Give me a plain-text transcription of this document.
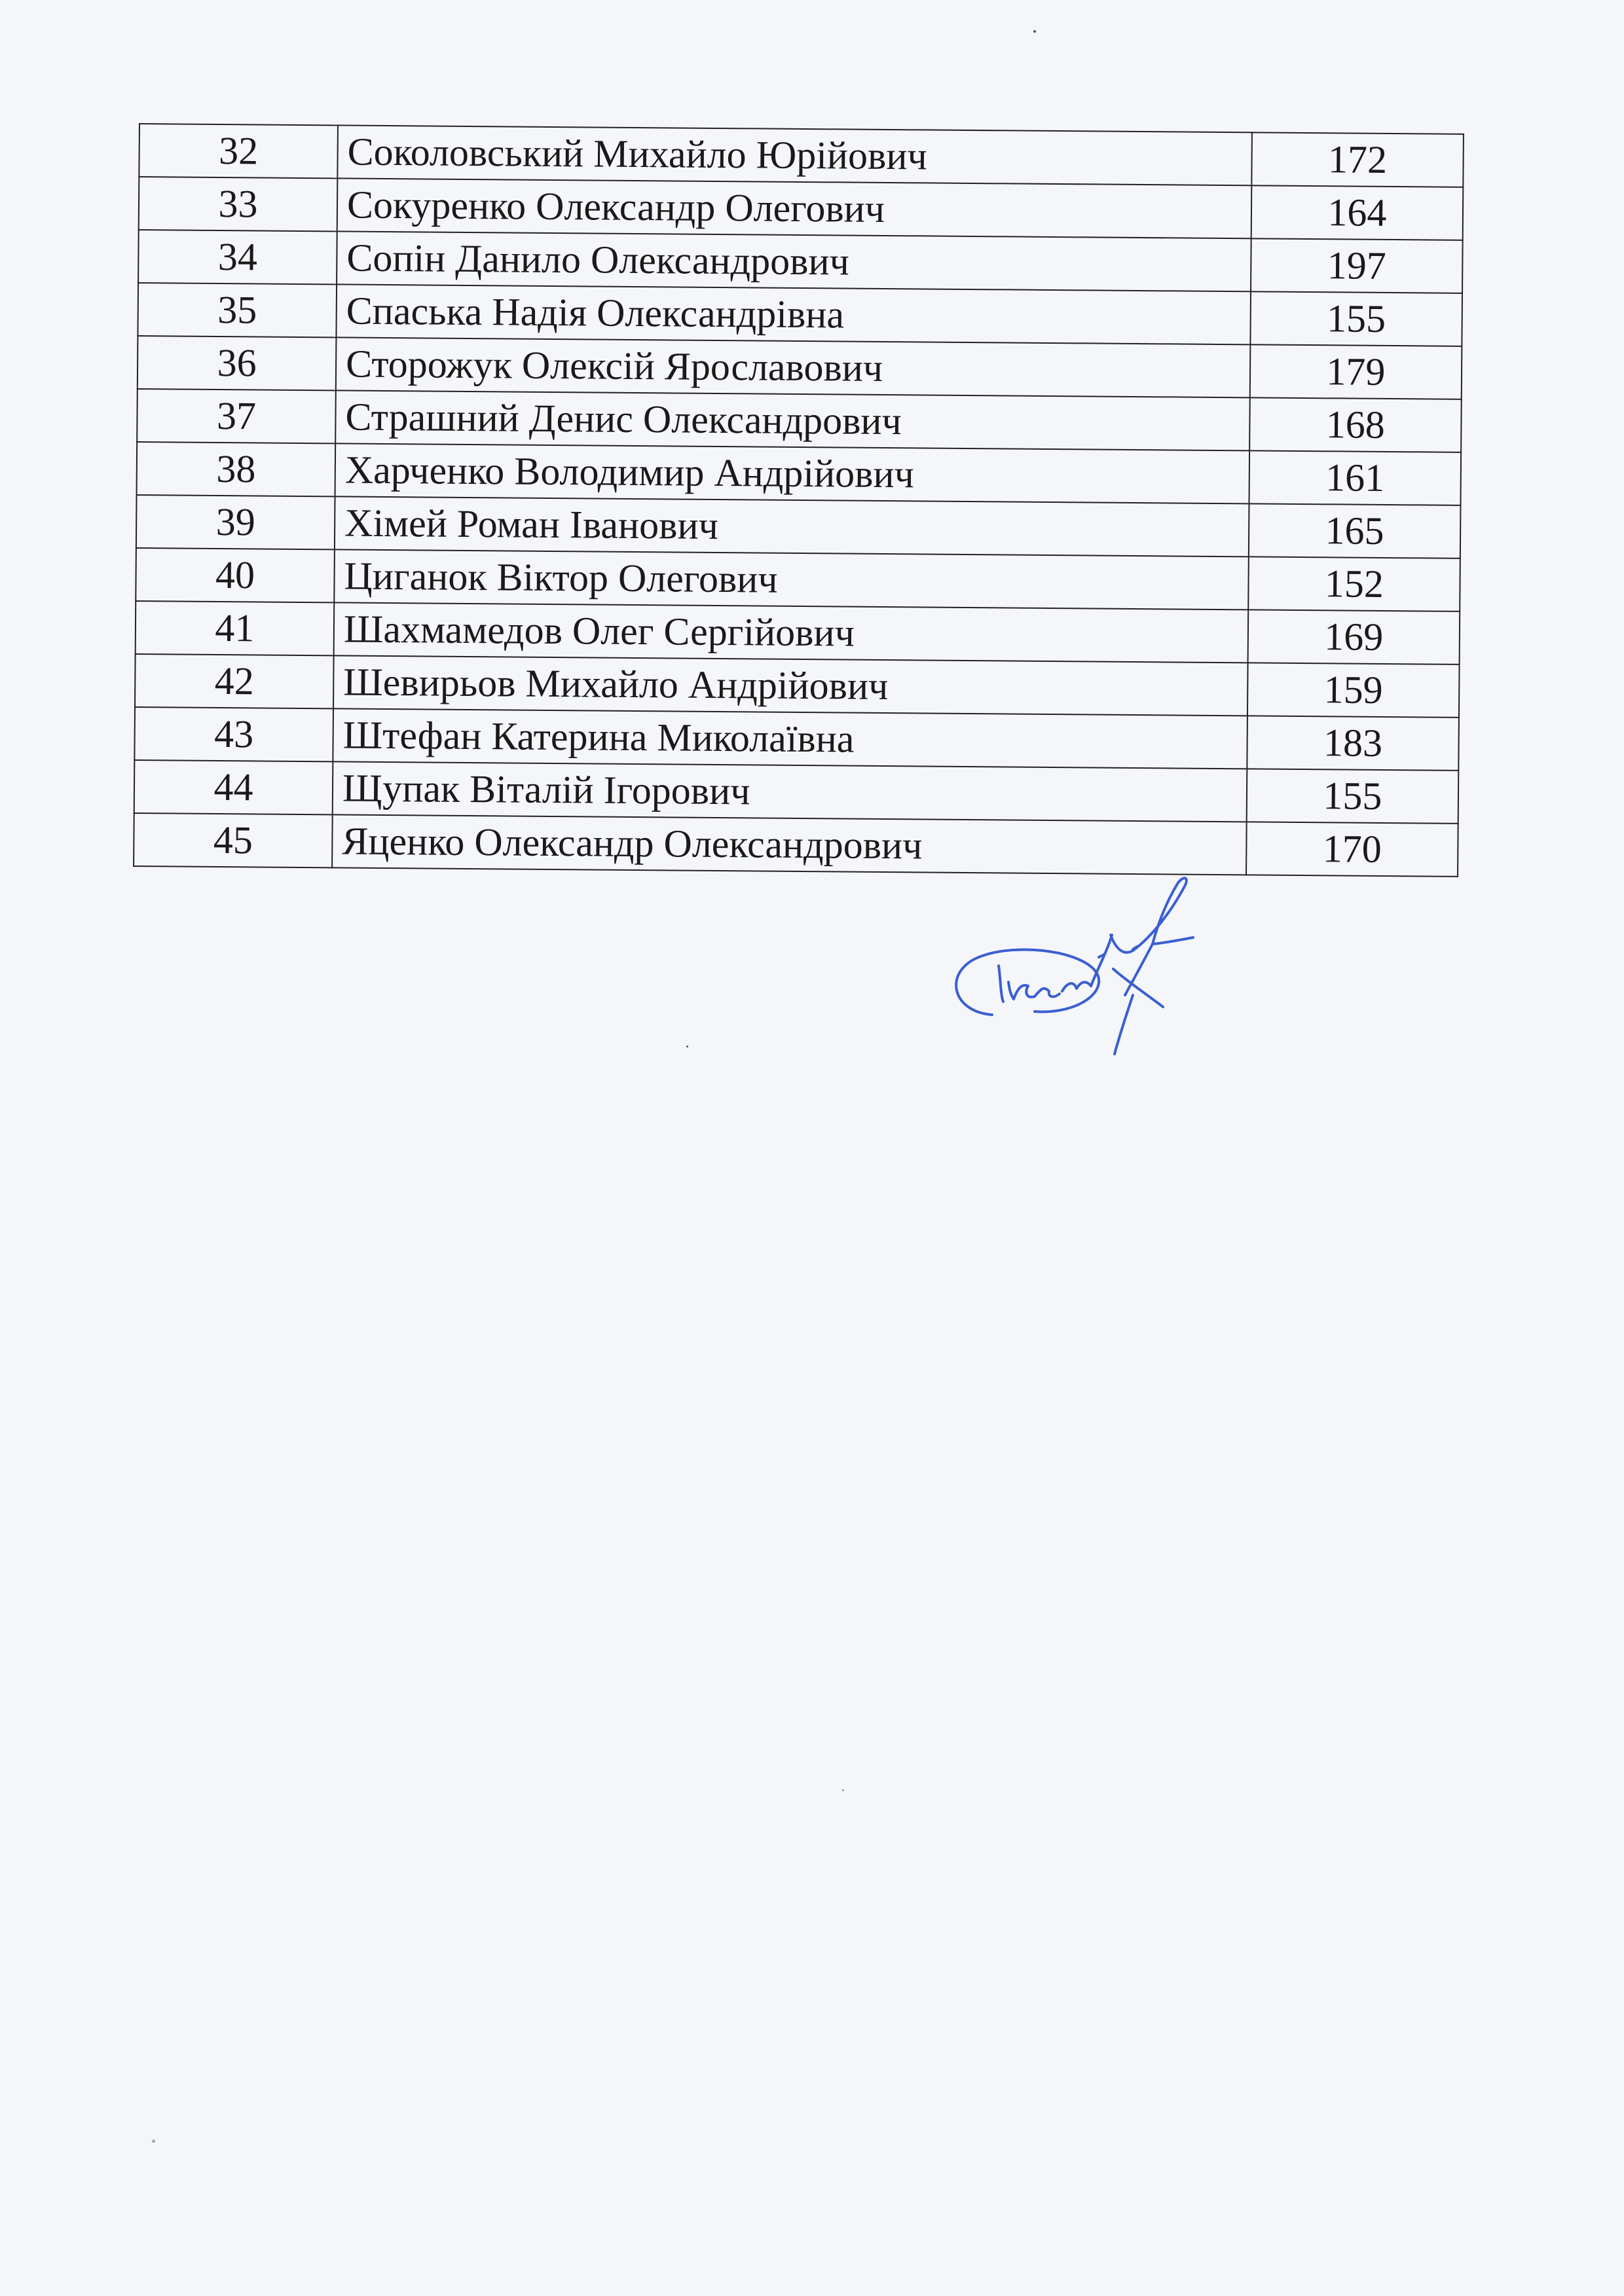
32	Соколовський Михайло Юрійович	172
33	Сокуренко Олександр Олегович	164
34	Сопін Данило Олександрович	197
35	Спаська Надія Олександрівна	155
36	Сторожук Олексій Ярославович	179
37	Страшний Денис Олександрович	168
38	Харченко Володимир Андрійович	161
39	Хімей Роман Іванович	165
40	Циганок Віктор Олегович	152
41	Шахмамедов Олег Сергійович	169
42	Шевирьов Михайло Андрійович	159
43	Штефан Катерина Миколаївна	183
44	Щупак Віталій Ігорович	155
45	Яценко Олександр Олександрович	170
